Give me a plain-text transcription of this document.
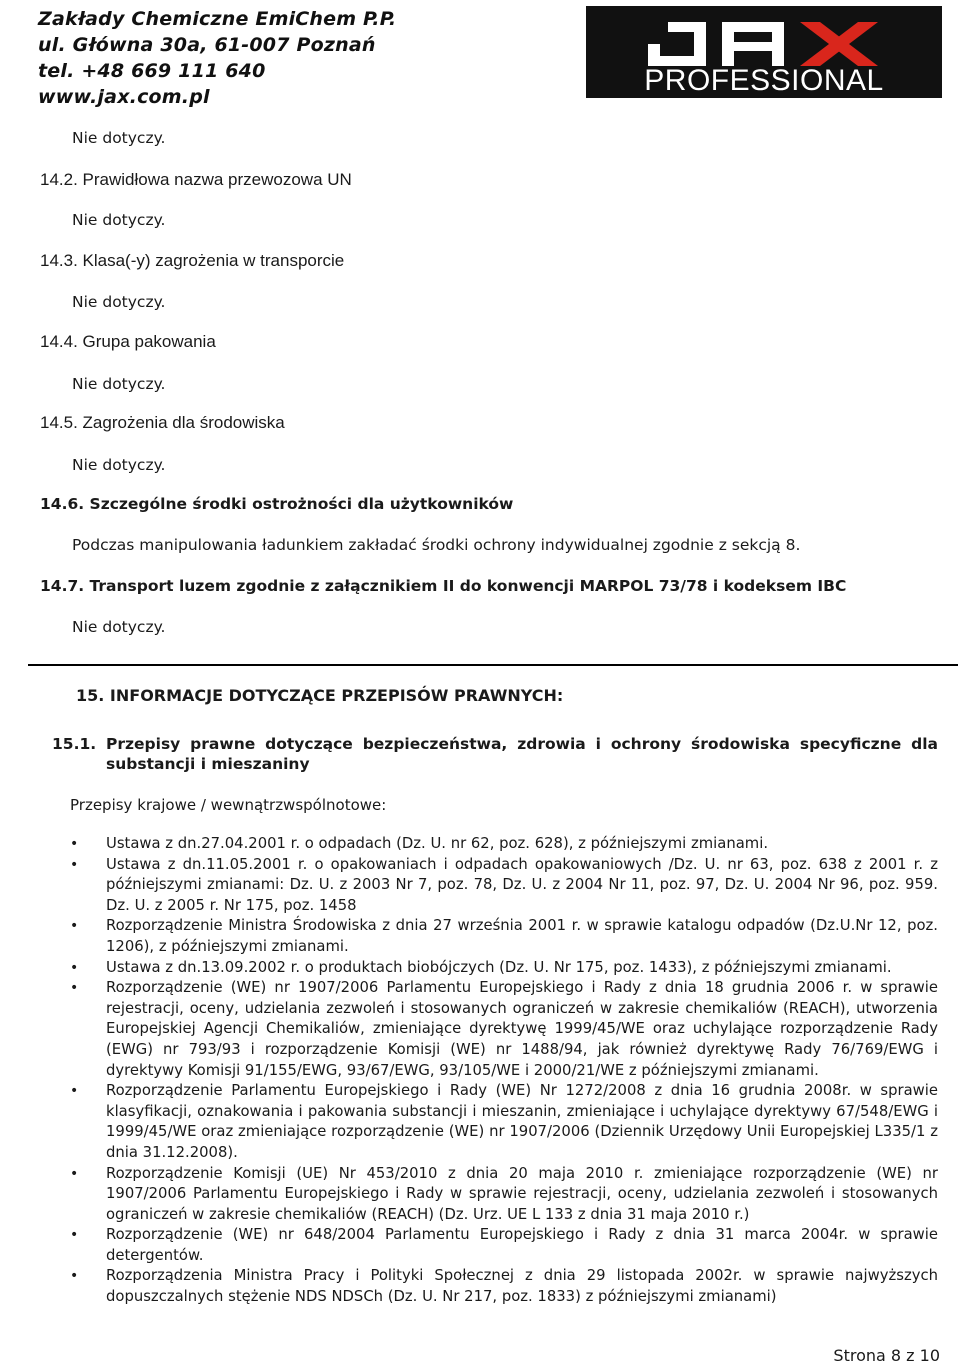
Zakłady Chemiczne EmiChem P.P.
ul. Główna 30a, 61-007 Poznań
tel. +48 669 111 640
www.jax.com.pl	PROFESSIONAL
Nie dotyczy.
14.2. Prawidłowa nazwa przewozowa UN
Nie dotyczy.
14.3. Klasa(-y) zagrożenia w transporcie
Nie dotyczy.
14.4. Grupa pakowania
Nie dotyczy.
14.5. Zagrożenia dla środowiska
Nie dotyczy.
14.6. Szczególne środki ostrożności dla użytkowników
Podczas manipulowania ładunkiem zakładać środki ochrony indywidualnej zgodnie z sekcją 8.
14.7. Transport luzem zgodnie z załącznikiem II do konwencji MARPOL 73/78 i kodeksem IBC
Nie dotyczy.
15. INFORMACJE DOTYCZĄCE PRZEPISÓW PRAWNYCH:
15.1. Przepisy prawne dotyczące bezpieczeństwa, zdrowia i ochrony środowiska specyficzne dla substancji i mieszaniny
Przepisy krajowe / wewnątrzwspólnotowe:
• Ustawa z dn.27.04.2001 r. o odpadach (Dz. U. nr 62, poz. 628), z późniejszymi zmianami.
• Ustawa z dn.11.05.2001 r. o opakowaniach i odpadach opakowaniowych /Dz. U. nr 63, poz. 638 z 2001 r. z późniejszymi zmianami: Dz. U. z 2003 Nr 7, poz. 78, Dz. U. z 2004 Nr 11, poz. 97, Dz. U. 2004 Nr 96, poz. 959. Dz. U. z 2005 r. Nr 175, poz. 1458
• Rozporządzenie Ministra Środowiska z dnia 27 września 2001 r. w sprawie katalogu odpadów (Dz.U.Nr 12, poz. 1206), z późniejszymi zmianami.
• Ustawa z dn.13.09.2002 r. o produktach biobójczych (Dz. U. Nr 175, poz. 1433), z późniejszymi zmianami.
• Rozporządzenie (WE) nr 1907/2006 Parlamentu Europejskiego i Rady z dnia 18 grudnia 2006 r. w sprawie rejestracji, oceny, udzielania zezwoleń i stosowanych ograniczeń w zakresie chemikaliów (REACH), utworzenia Europejskiej Agencji Chemikaliów, zmieniające dyrektywę 1999/45/WE oraz uchylające rozporządzenie Rady (EWG) nr 793/93 i rozporządzenie Komisji (WE) nr 1488/94, jak również dyrektywę Rady 76/769/EWG i dyrektywy Komisji 91/155/EWG, 93/67/EWG, 93/105/WE i 2000/21/WE z późniejszymi zmianami.
• Rozporządzenie Parlamentu Europejskiego i Rady (WE) Nr 1272/2008 z dnia 16 grudnia 2008r. w sprawie klasyfikacji, oznakowania i pakowania substancji i mieszanin, zmieniające i uchylające dyrektywy 67/548/EWG i 1999/45/WE oraz zmieniające rozporządzenie (WE) nr 1907/2006 (Dziennik Urzędowy Unii Europejskiej L335/1 z dnia 31.12.2008).
• Rozporządzenie Komisji (UE) Nr 453/2010 z dnia 20 maja 2010 r. zmieniające rozporządzenie (WE) nr 1907/2006 Parlamentu Europejskiego i Rady w sprawie rejestracji, oceny, udzielania zezwoleń i stosowanych ograniczeń w zakresie chemikaliów (REACH) (Dz. Urz. UE L 133 z dnia 31 maja 2010 r.)
• Rozporządzenie (WE) nr 648/2004 Parlamentu Europejskiego i Rady z dnia 31 marca 2004r. w sprawie detergentów.
• Rozporządzenia Ministra Pracy i Polityki Społecznej z dnia 29 listopada 2002r. w sprawie najwyższych dopuszczalnych stężenie NDS NDSCh (Dz. U. Nr 217, poz. 1833) z późniejszymi zmianami)
Strona 8 z 10
